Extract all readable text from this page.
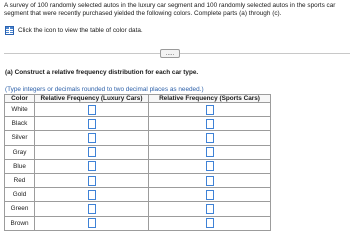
A survey of 100 randomly selected autos in the luxury car segment and 100 randomly selected autos in the sports car
segment that were recently purchased yielded the following colors. Complete parts (a) through (c).
Click the icon to view the table of color data.
.....
(a) Construct a relative frequency distribution for each car type.
(Type integers or decimals rounded to two decimal places as needed.)
Color	Relative Frequency (Luxury Cars)	Relative Frequency (Sports Cars)
White		
Black		
Silver		
Gray		
Blue		
Red		
Gold		
Green		
Brown		
